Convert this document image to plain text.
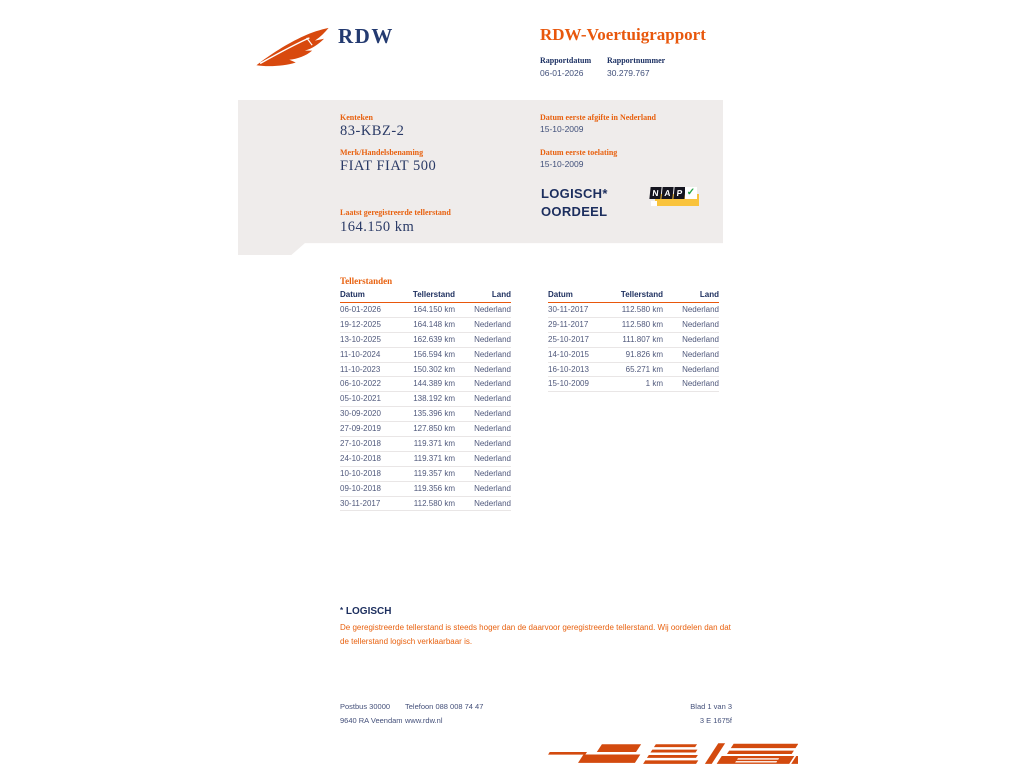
RDW	RDW-Voertuigrapport
Rapportdatum
06-01-2026
Rapportnummer
30.279.767
Kenteken
83-KBZ-2
Merk/Handelsbenaming
FIAT FIAT 500
Laatst geregistreerde tellerstand
164.150 km
Datum eerste afgifte in Nederland
15-10-2009
Datum eerste toelating
15-10-2009
LOGISCH*
OORDEEL
N A P ✓
Tellerstanden
Datum	Tellerstand	Land
06-01-2026	164.150 km	Nederland
19-12-2025	164.148 km	Nederland
13-10-2025	162.639 km	Nederland
11-10-2024	156.594 km	Nederland
11-10-2023	150.302 km	Nederland
06-10-2022	144.389 km	Nederland
05-10-2021	138.192 km	Nederland
30-09-2020	135.396 km	Nederland
27-09-2019	127.850 km	Nederland
27-10-2018	119.371 km	Nederland
24-10-2018	119.371 km	Nederland
10-10-2018	119.357 km	Nederland
09-10-2018	119.356 km	Nederland
30-11-2017	112.580 km	Nederland
Datum	Tellerstand	Land
30-11-2017	112.580 km	Nederland
29-11-2017	112.580 km	Nederland
25-10-2017	111.807 km	Nederland
14-10-2015	91.826 km	Nederland
16-10-2013	65.271 km	Nederland
15-10-2009	1 km	Nederland
* LOGISCH
De geregistreerde tellerstand is steeds hoger dan de daarvoor geregistreerde tellerstand. Wij oordelen dan dat de tellerstand logisch verklaarbaar is.
Postbus 30000
9640 RA Veendam
Telefoon 088 008 74 47
www.rdw.nl
Blad 1 van 3
3 E 1675f
